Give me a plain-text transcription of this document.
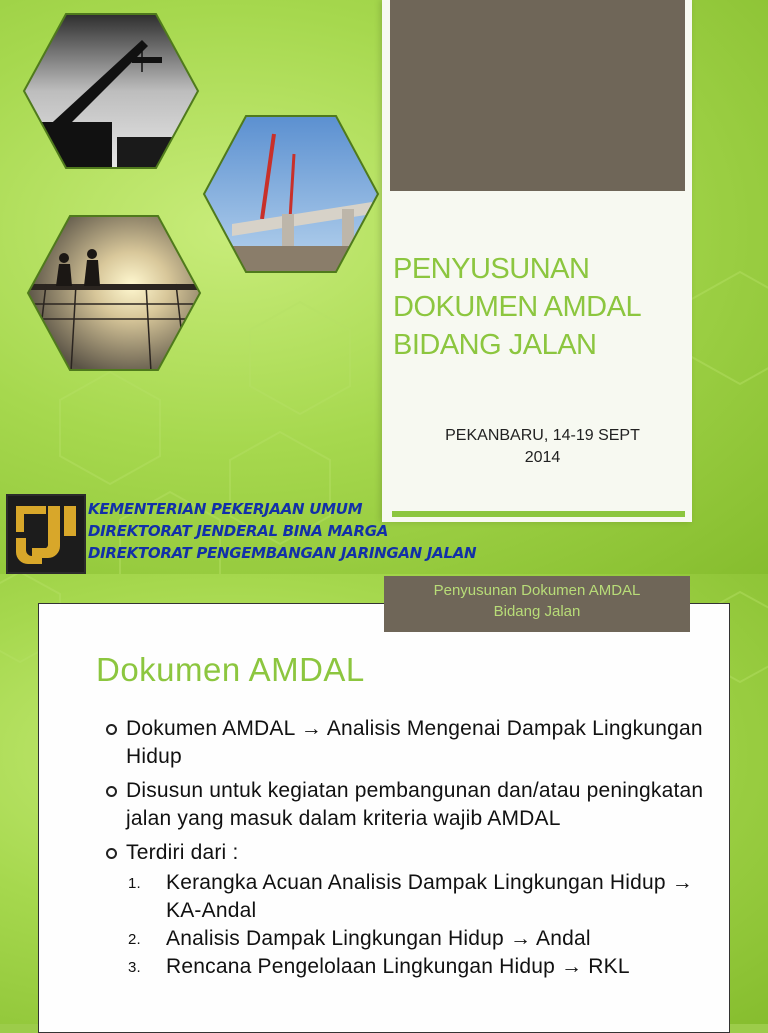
PENYUSUNAN
DOKUMEN AMDAL
BIDANG JALAN
PEKANBARU, 14-19 SEPT
2014
KEMENTERIAN PEKERJAAN UMUM
DIREKTORAT JENDERAL BINA MARGA
DIREKTORAT PENGEMBANGAN JARINGAN JALAN
Penyusunan Dokumen AMDAL
Bidang Jalan
Dokumen AMDAL
Dokumen AMDAL → Analisis Mengenai Dampak Lingkungan Hidup
Disusun untuk kegiatan pembangunan dan/atau peningkatan jalan yang masuk dalam kriteria wajib AMDAL
Terdiri dari :
1. Kerangka Acuan Analisis Dampak Lingkungan Hidup → KA-Andal
2. Analisis Dampak Lingkungan Hidup → Andal
3. Rencana Pengelolaan Lingkungan Hidup → RKL
